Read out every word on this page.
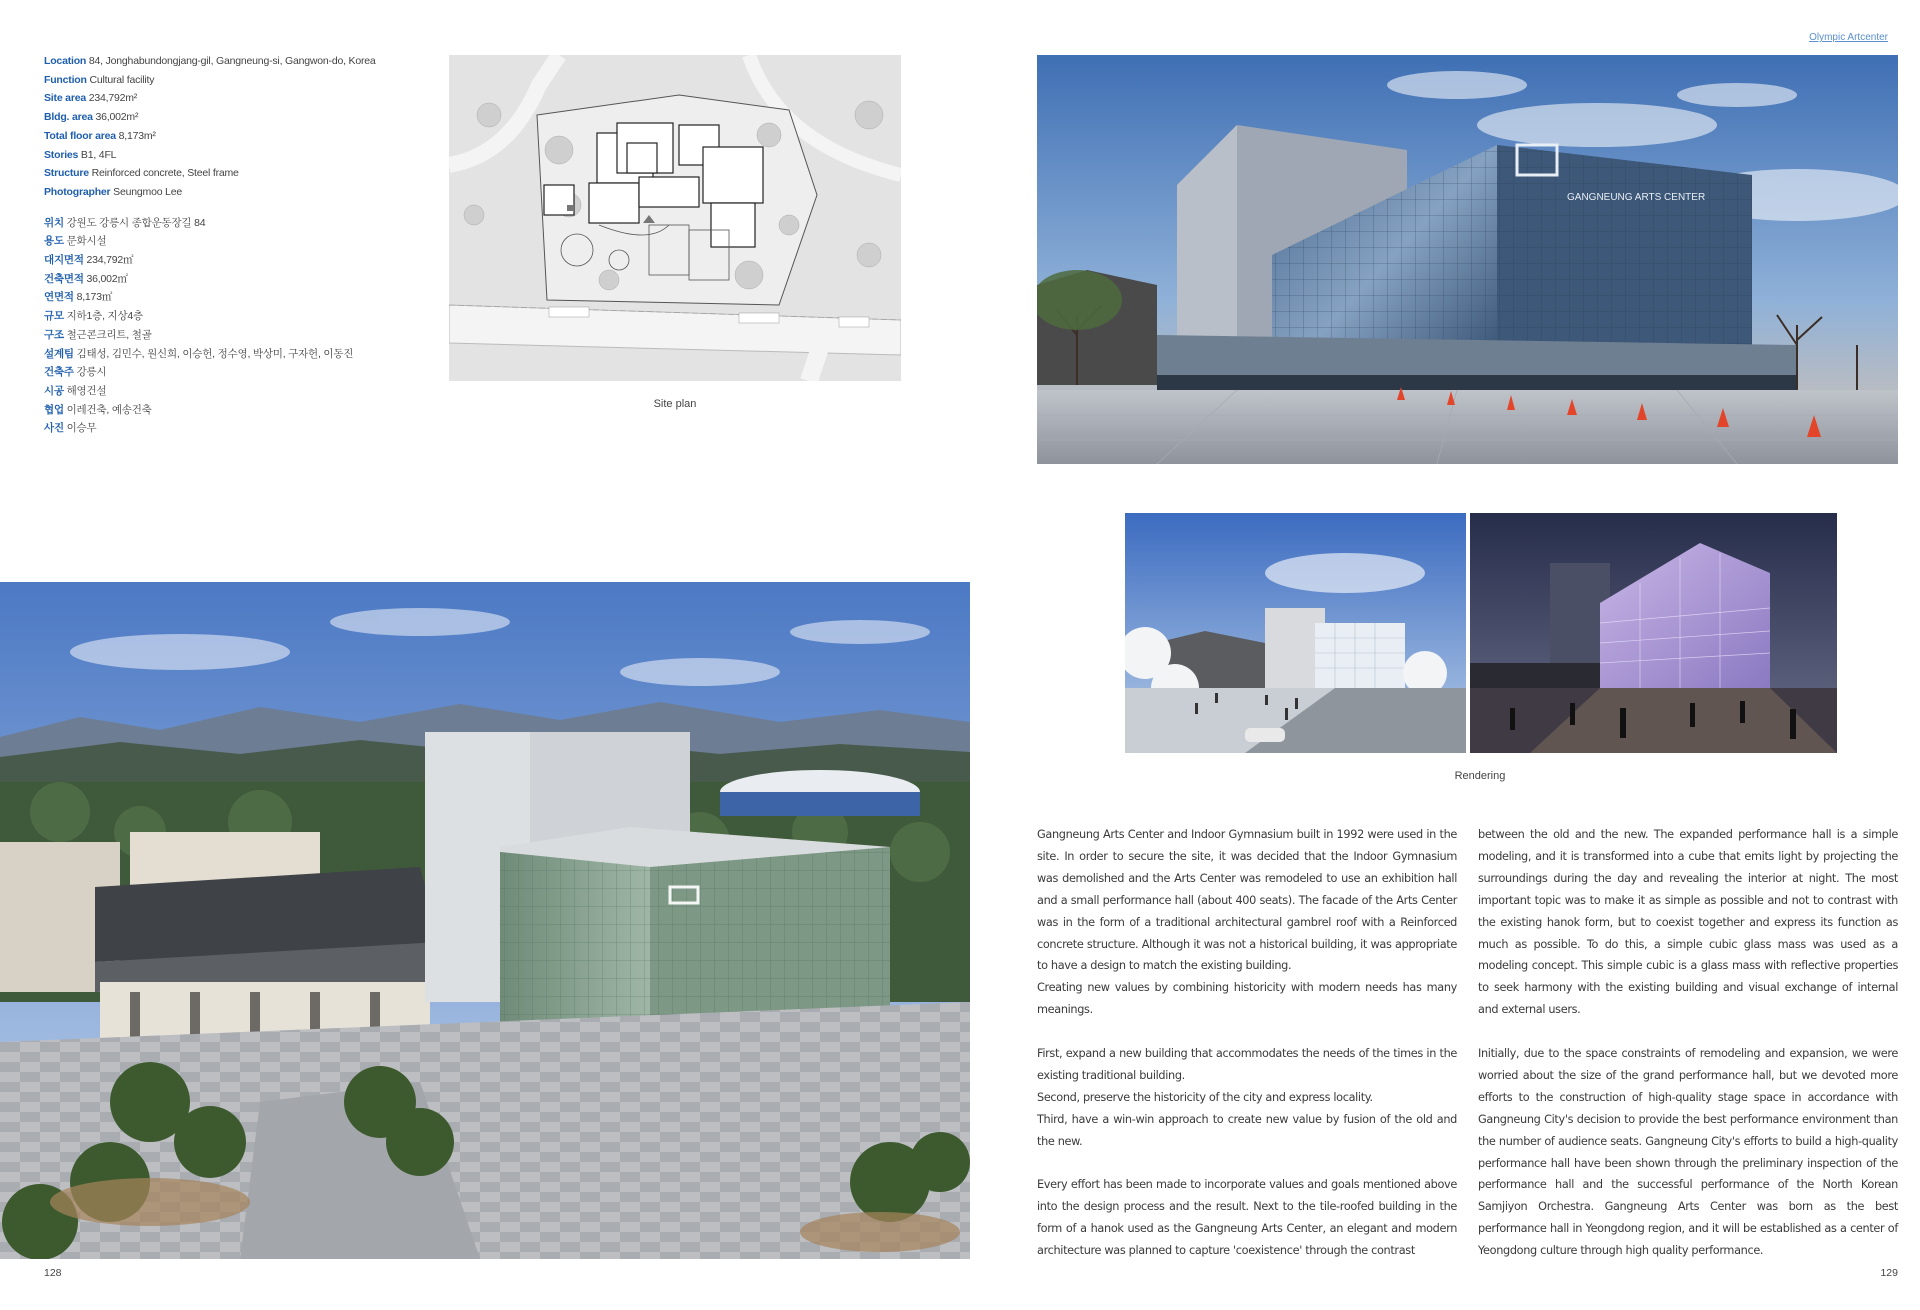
Olympic Artcenter
Location 84, Jonghabundongjang-gil, Gangneung-si, Gangwon-do, Korea
Function Cultural facility
Site area 234,792m²
Bldg. area 36,002m²
Total floor area 8,173m²
Stories B1, 4FL
Structure Reinforced concrete, Steel frame
Photographer Seungmoo Lee
위치 강원도 강릉시 종합운동장길 84
용도 문화시설
대지면적 234,792㎡
건축면적 36,002㎡
연면적 8,173㎡
규모 지하1층, 지상4층
구조 철근콘크리트, 철골
설계팀 김태성, 김민수, 원신희, 이승헌, 정수영, 박상미, 구자헌, 이동진
건축주 강릉시
시공 해영건설
협업 이레건축, 예송건축
사진 이승무
Site plan
GANGNEUNG ARTS CENTER
Rendering

Gangneung Arts Center and Indoor Gymnasium built in 1992 were used in the site. In order to secure the site, it was decided that the Indoor Gymnasium was demolished and the Arts Center was remodeled to use an exhibition hall and a small performance hall (about 400 seats). The facade of the Arts Center was in the form of a traditional architectural gambrel roof with a Reinforced concrete structure. Although it was not a historical building, it was appropriate to have a design to match the existing building.

Creating new values by combining historicity with modern needs has many meanings.

First, expand a new building that accommodates the needs of the times in the existing traditional building.

Second, preserve the historicity of the city and express locality.

Third, have a win-win approach to create new value by fusion of the old and the new.

Every effort has been made to incorporate values and goals mentioned above into the design process and the result. Next to the tile-roofed building in the form of a hanok used as the Gangneung Arts Center, an elegant and modern architecture was planned to capture 'coexistence' through the contrast

between the old and the new. The expanded performance hall is a simple modeling, and it is transformed into a cube that emits light by projecting the surroundings during the day and revealing the interior at night. The most important topic was to make it as simple as possible and not to contrast with the existing hanok form, but to coexist together and express its function as much as possible. To do this, a simple cubic glass mass was used as a modeling concept. This simple cubic is a glass mass with reflective properties to seek harmony with the existing building and visual exchange of internal and external users.

Initially, due to the space constraints of remodeling and expansion, we were worried about the size of the grand performance hall, but we devoted more efforts to the construction of high-quality stage space in accordance with Gangneung City's decision to provide the best performance environment than the number of audience seats. Gangneung City's efforts to build a high-quality performance hall have been shown through the preliminary inspection of the performance hall and the successful performance of the North Korean Samjiyon Orchestra. Gangneung Arts Center was born as the best performance hall in Yeongdong region, and it will be established as a center of Yeongdong culture through high quality performance.

128	129
